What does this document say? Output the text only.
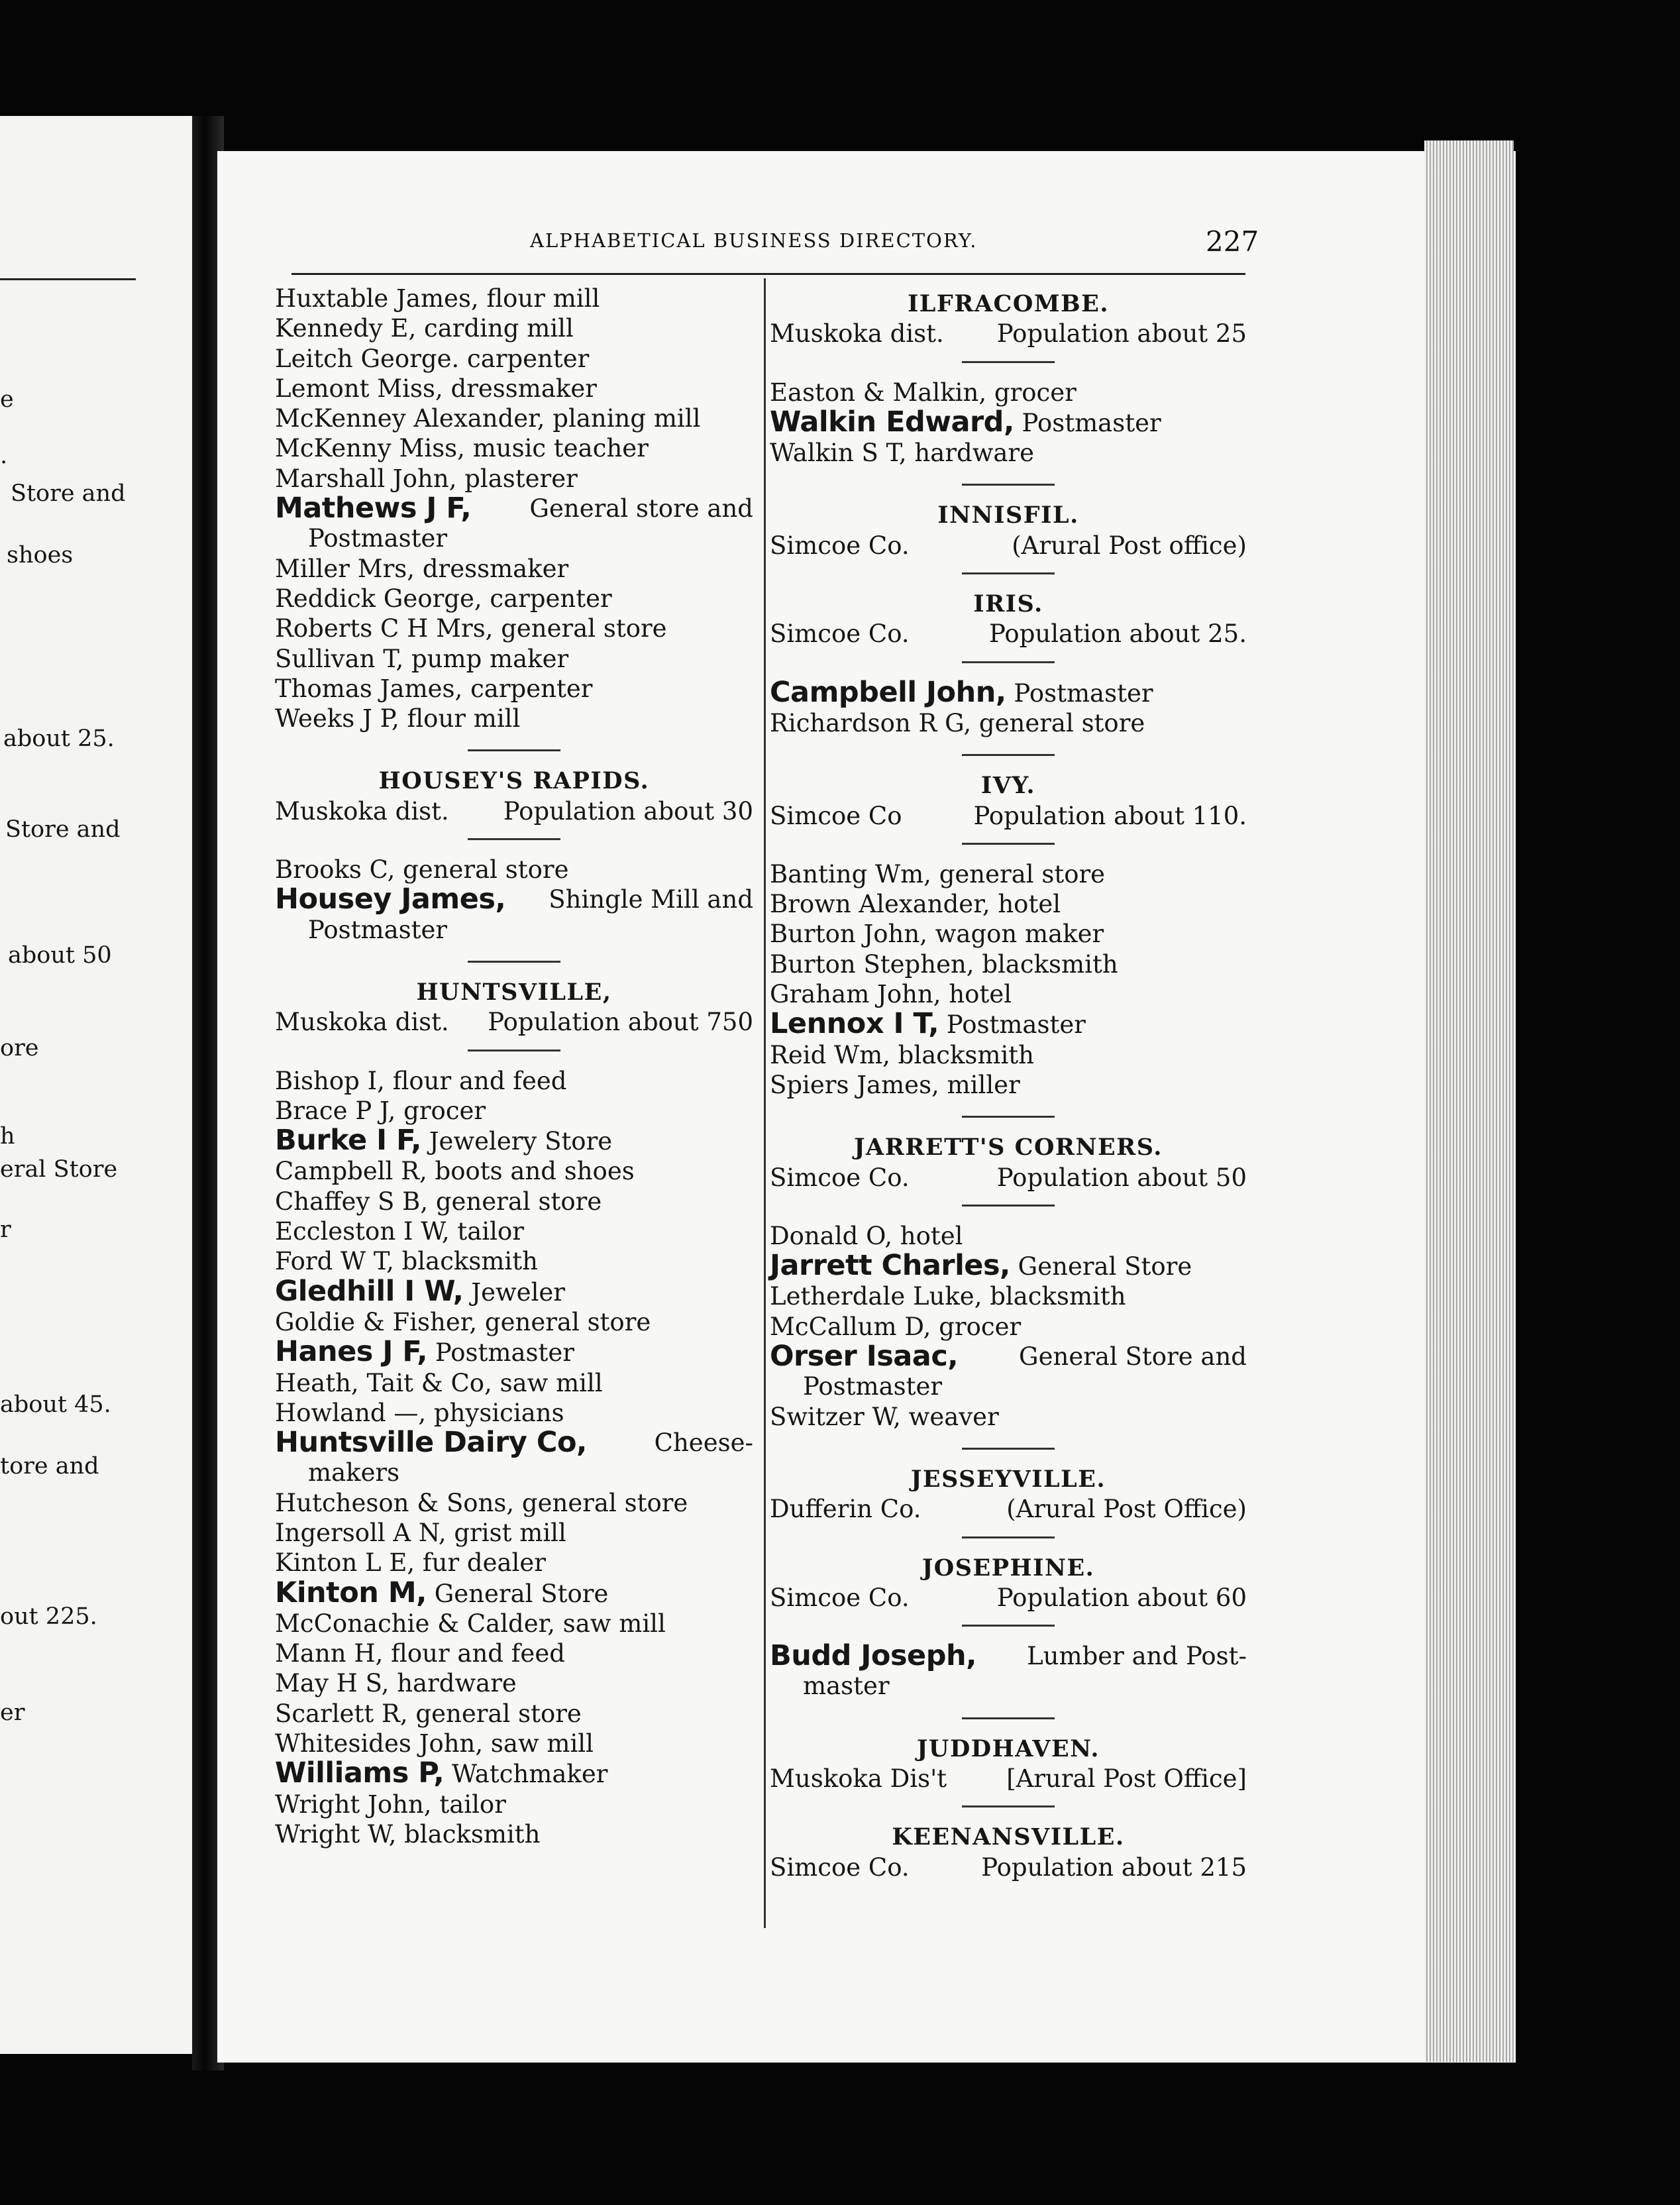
e
.
Store and
shoes
about 25.
Store and
about 50
ore
h
eral Store
r
about 45.
tore and
out 225.
er
ALPHABETICAL BUSINESS DIRECTORY.	227
Huxtable James, flour mill
Kennedy E, carding mill
Leitch George. carpenter
Lemont Miss, dressmaker
McKenney Alexander, planing mill
McKenny Miss, music teacher
Marshall John, plasterer
Mathews J F, General store and
Postmaster
Miller Mrs, dressmaker
Reddick George, carpenter
Roberts C H Mrs, general store
Sullivan T, pump maker
Thomas James, carpenter
Weeks J P, flour mill
HOUSEY'S RAPIDS.
Muskoka dist. Population about 30
Brooks C, general store
Housey James, Shingle Mill and
Postmaster
HUNTSVILLE,
Muskoka dist. Population about 750
Bishop I, flour and feed
Brace P J, grocer
Burke I F, Jewelery Store
Campbell R, boots and shoes
Chaffey S B, general store
Eccleston I W, tailor
Ford W T, blacksmith
Gledhill I W, Jeweler
Goldie & Fisher, general store
Hanes J F, Postmaster
Heath, Tait & Co, saw mill
Howland —, physicians
Huntsville Dairy Co, Cheese-
makers
Hutcheson & Sons, general store
Ingersoll A N, grist mill
Kinton L E, fur dealer
Kinton M, General Store
McConachie & Calder, saw mill
Mann H, flour and feed
May H S, hardware
Scarlett R, general store
Whitesides John, saw mill
Williams P, Watchmaker
Wright John, tailor
Wright W, blacksmith
ILFRACOMBE.
Muskoka dist. Population about 25
Easton & Malkin, grocer
Walkin Edward, Postmaster
Walkin S T, hardware
INNISFIL.
Simcoe Co.	(Arural Post office)
IRIS.
Simcoe Co.	Population about 25.
Campbell John, Postmaster
Richardson R G, general store
IVY.
Simcoe Co	Population about 110.
Banting Wm, general store
Brown Alexander, hotel
Burton John, wagon maker
Burton Stephen, blacksmith
Graham John, hotel
Lennox I T, Postmaster
Reid Wm, blacksmith
Spiers James, miller
JARRETT'S CORNERS.
Simcoe Co.	Population about 50
Donald O, hotel
Jarrett Charles, General Store
Letherdale Luke, blacksmith
McCallum D, grocer
Orser Isaac, General Store and
Postmaster
Switzer W, weaver
JESSEYVILLE.
Dufferin Co.	(Arural Post Office)
JOSEPHINE.
Simcoe Co.	Population about 60
Budd Joseph, Lumber and Post-
master
JUDDHAVEN.
Muskoka Dis't [Arural Post Office]
KEENANSVILLE.
Simcoe Co.	Population about 215
